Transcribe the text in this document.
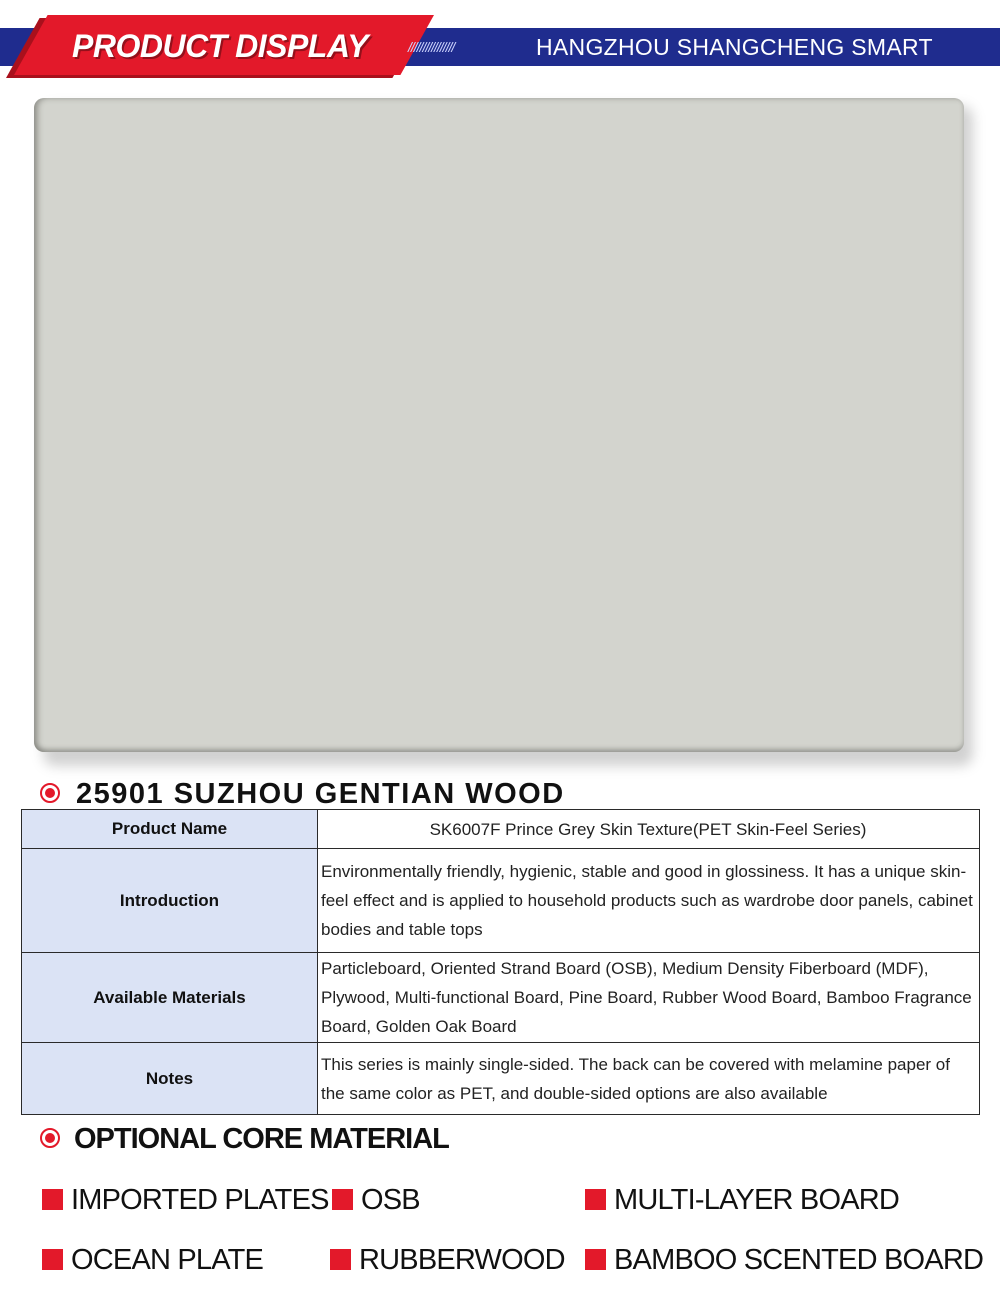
PRODUCT DISPLAY	////////////////	HANGZHOU SHANGCHENG SMART HOME
25901 SUZHOU GENTIAN WOOD
Product Name	SK6007F Prince Grey Skin Texture(PET Skin-Feel Series)
Introduction	Environmentally friendly, hygienic, stable and good in glossiness. It has a unique skin-feel effect and is applied to household products such as wardrobe door panels, cabinet bodies and table tops
Available Materials	Particleboard, Oriented Strand Board (OSB), Medium Density Fiberboard (MDF), Plywood, Multi-functional Board, Pine Board, Rubber Wood Board, Bamboo Fragrance Board, Golden Oak Board
Notes	This series is mainly single-sided. The back can be covered with melamine paper of the same color as PET, and double-sided options are also available
OPTIONAL CORE MATERIAL
IMPORTED PLATES OSB	MULTI-LAYER BOARD
OCEAN PLATE	RUBBERWOOD BAMBOO SCENTED BOARD
